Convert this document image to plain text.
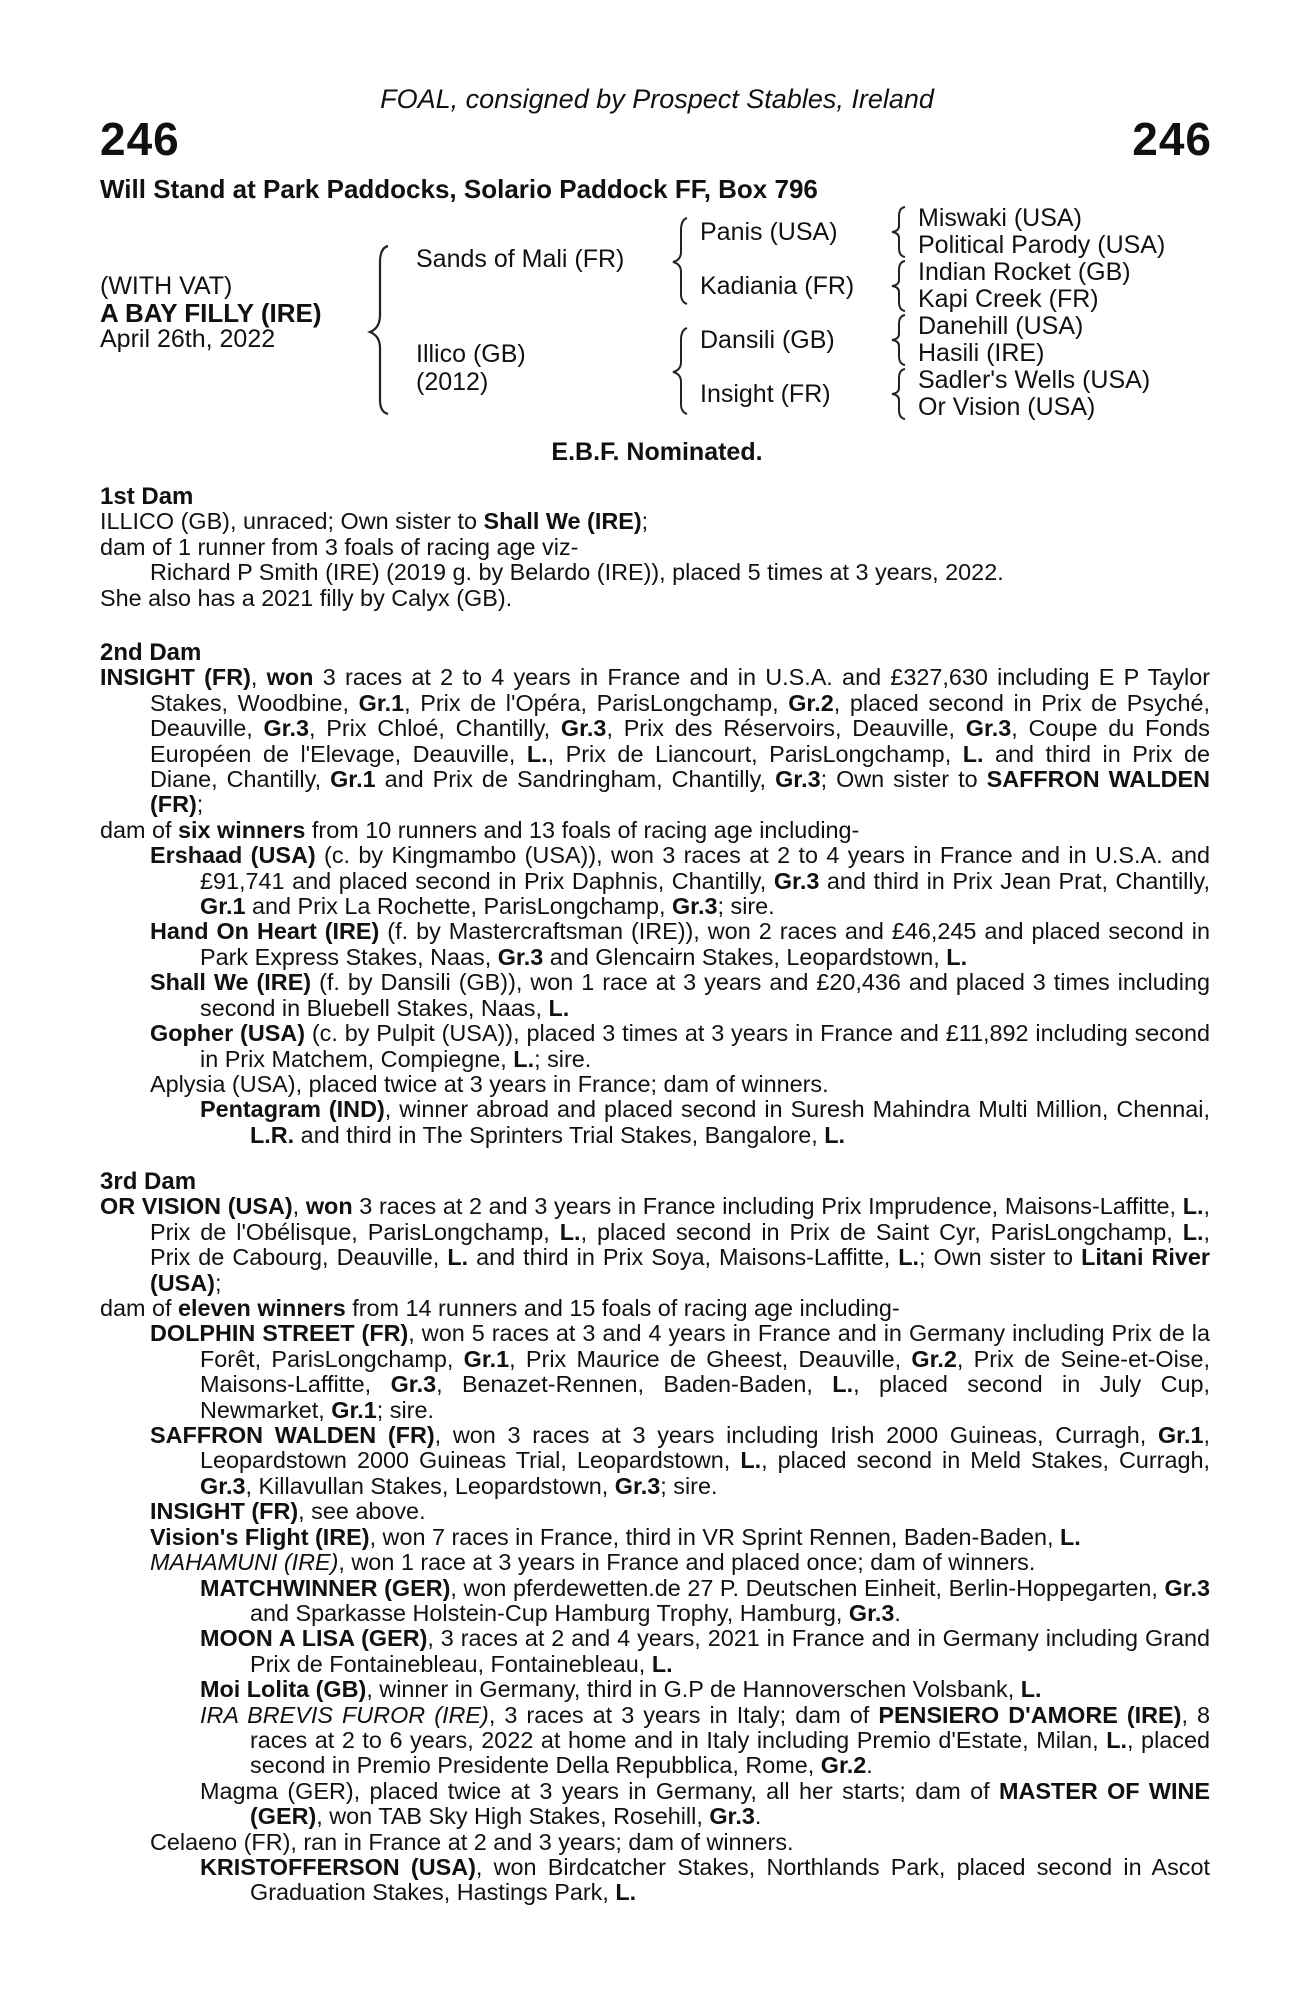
FOAL, consigned by Prospect Stables, Ireland
246	246
Will Stand at Park Paddocks, Solario Paddock FF, Box 796
(WITH VAT)
A BAY FILLY (IRE)
April 26th, 2022
Sands of Mali (FR)
Illico (GB)
(2012)
Panis (USA)
Kadiania (FR)
Dansili (GB)
Insight (FR)
Miswaki (USA)
Political Parody (USA)
Indian Rocket (GB)
Kapi Creek (FR)
Danehill (USA)
Hasili (IRE)
Sadler's Wells (USA)
Or Vision (USA)
E.B.F. Nominated.
1st Dam
ILLICO (GB), unraced; Own sister to Shall We (IRE);
dam of 1 runner from 3 foals of racing age viz-
Richard P Smith (IRE) (2019 g. by Belardo (IRE)), placed 5 times at 3 years, 2022.
She also has a 2021 filly by Calyx (GB).
2nd Dam
INSIGHT (FR), won 3 races at 2 to 4 years in France and in U.S.A. and £327,630 including E P Taylor Stakes, Woodbine, Gr.1, Prix de l'Opéra, ParisLongchamp, Gr.2, placed second in Prix de Psyché, Deauville, Gr.3, Prix Chloé, Chantilly, Gr.3, Prix des Réservoirs, Deauville, Gr.3, Coupe du Fonds Européen de l'Elevage, Deauville, L., Prix de Liancourt, ParisLongchamp, L. and third in Prix de Diane, Chantilly, Gr.1 and Prix de Sandringham, Chantilly, Gr.3; Own sister to SAFFRON WALDEN (FR);
dam of six winners from 10 runners and 13 foals of racing age including-
Ershaad (USA) (c. by Kingmambo (USA)), won 3 races at 2 to 4 years in France and in U.S.A. and £91,741 and placed second in Prix Daphnis, Chantilly, Gr.3 and third in Prix Jean Prat, Chantilly, Gr.1 and Prix La Rochette, ParisLongchamp, Gr.3; sire.
Hand On Heart (IRE) (f. by Mastercraftsman (IRE)), won 2 races and £46,245 and placed second in Park Express Stakes, Naas, Gr.3 and Glencairn Stakes, Leopardstown, L.
Shall We (IRE) (f. by Dansili (GB)), won 1 race at 3 years and £20,436 and placed 3 times including second in Bluebell Stakes, Naas, L.
Gopher (USA) (c. by Pulpit (USA)), placed 3 times at 3 years in France and £11,892 including second in Prix Matchem, Compiegne, L.; sire.
Aplysia (USA), placed twice at 3 years in France; dam of winners.
Pentagram (IND), winner abroad and placed second in Suresh Mahindra Multi Million, Chennai, L.R. and third in The Sprinters Trial Stakes, Bangalore, L.
3rd Dam
OR VISION (USA), won 3 races at 2 and 3 years in France including Prix Imprudence, Maisons-Laffitte, L., Prix de l'Obélisque, ParisLongchamp, L., placed second in Prix de Saint Cyr, ParisLongchamp, L., Prix de Cabourg, Deauville, L. and third in Prix Soya, Maisons-Laffitte, L.; Own sister to Litani River (USA);
dam of eleven winners from 14 runners and 15 foals of racing age including-
DOLPHIN STREET (FR), won 5 races at 3 and 4 years in France and in Germany including Prix de la Forêt, ParisLongchamp, Gr.1, Prix Maurice de Gheest, Deauville, Gr.2, Prix de Seine-et-Oise, Maisons-Laffitte, Gr.3, Benazet-Rennen, Baden-Baden, L., placed second in July Cup, Newmarket, Gr.1; sire.
SAFFRON WALDEN (FR), won 3 races at 3 years including Irish 2000 Guineas, Curragh, Gr.1, Leopardstown 2000 Guineas Trial, Leopardstown, L., placed second in Meld Stakes, Curragh, Gr.3, Killavullan Stakes, Leopardstown, Gr.3; sire.
INSIGHT (FR), see above.
Vision's Flight (IRE), won 7 races in France, third in VR Sprint Rennen, Baden-Baden, L.
MAHAMUNI (IRE), won 1 race at 3 years in France and placed once; dam of winners.
MATCHWINNER (GER), won pferdewetten.de 27 P. Deutschen Einheit, Berlin-Hoppegarten, Gr.3 and Sparkasse Holstein-Cup Hamburg Trophy, Hamburg, Gr.3.
MOON A LISA (GER), 3 races at 2 and 4 years, 2021 in France and in Germany including Grand Prix de Fontainebleau, Fontainebleau, L.
Moi Lolita (GB), winner in Germany, third in G.P de Hannoverschen Volsbank, L.
IRA BREVIS FUROR (IRE), 3 races at 3 years in Italy; dam of PENSIERO D'AMORE (IRE), 8 races at 2 to 6 years, 2022 at home and in Italy including Premio d'Estate, Milan, L., placed second in Premio Presidente Della Repubblica, Rome, Gr.2.
Magma (GER), placed twice at 3 years in Germany, all her starts; dam of MASTER OF WINE (GER), won TAB Sky High Stakes, Rosehill, Gr.3.
Celaeno (FR), ran in France at 2 and 3 years; dam of winners.
KRISTOFFERSON (USA), won Birdcatcher Stakes, Northlands Park, placed second in Ascot Graduation Stakes, Hastings Park, L.
